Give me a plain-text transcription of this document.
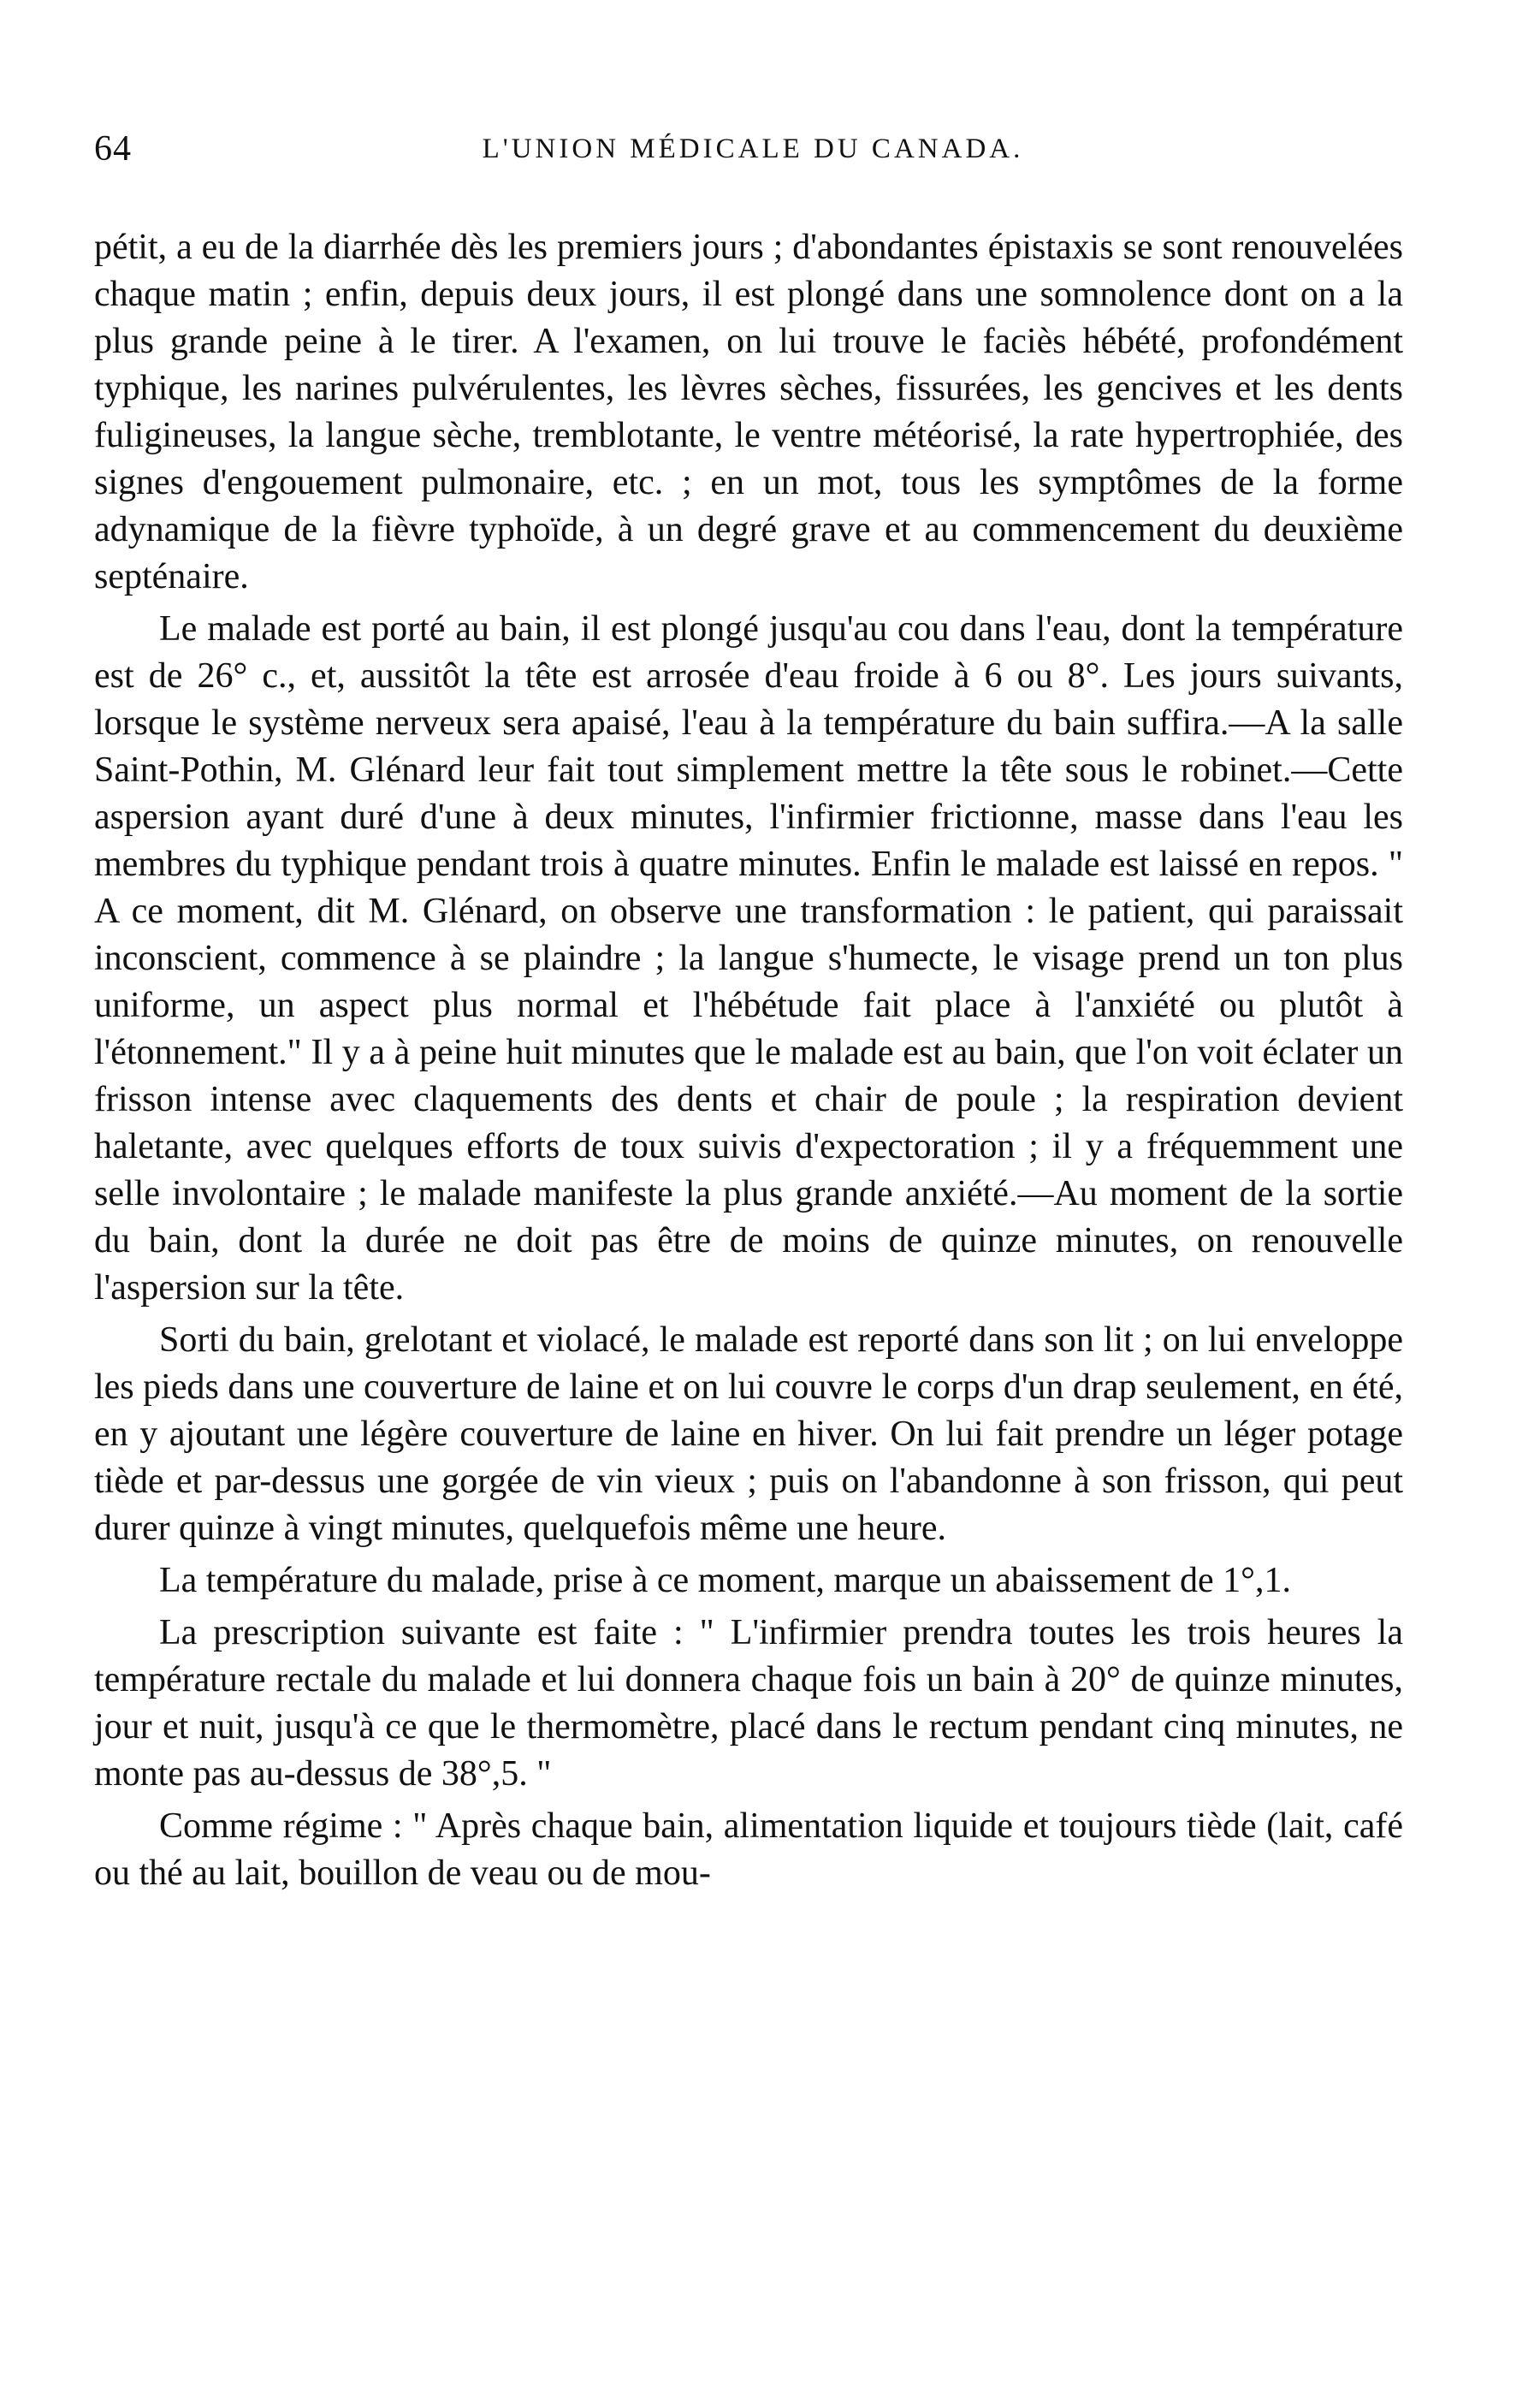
64	L'UNION MÉDICALE DU CANADA.

pétit, a eu de la diarrhée dès les premiers jours ; d'abondantes épistaxis se sont renouvelées chaque matin ; enfin, depuis deux jours, il est plongé dans une somnolence dont on a la plus grande peine à le tirer. A l'examen, on lui trouve le faciès hébété, profondément typhique, les narines pulvérulentes, les lèvres sèches, fissurées, les gencives et les dents fuligineuses, la langue sèche, tremblotante, le ventre météorisé, la rate hypertrophiée, des signes d'engouement pulmonaire, etc. ; en un mot, tous les symptômes de la forme adynamique de la fièvre typhoïde, à un degré grave et au commencement du deuxième septénaire.

Le malade est porté au bain, il est plongé jusqu'au cou dans l'eau, dont la température est de 26° c., et, aussitôt la tête est arrosée d'eau froide à 6 ou 8°. Les jours suivants, lorsque le système nerveux sera apaisé, l'eau à la température du bain suffira.—A la salle Saint-Pothin, M. Glénard leur fait tout simplement mettre la tête sous le robinet.—Cette aspersion ayant duré d'une à deux minutes, l'infirmier frictionne, masse dans l'eau les membres du typhique pendant trois à quatre minutes. Enfin le malade est laissé en repos. " A ce moment, dit M. Glénard, on observe une transformation : le patient, qui paraissait inconscient, commence à se plaindre ; la langue s'humecte, le visage prend un ton plus uniforme, un aspect plus normal et l'hébétude fait place à l'anxiété ou plutôt à l'étonnement." Il y a à peine huit minutes que le malade est au bain, que l'on voit éclater un frisson intense avec claquements des dents et chair de poule ; la respiration devient haletante, avec quelques efforts de toux suivis d'expectoration ; il y a fréquemment une selle involontaire ; le malade manifeste la plus grande anxiété.—Au moment de la sortie du bain, dont la durée ne doit pas être de moins de quinze minutes, on renouvelle l'aspersion sur la tête.

Sorti du bain, grelotant et violacé, le malade est reporté dans son lit ; on lui enveloppe les pieds dans une couverture de laine et on lui couvre le corps d'un drap seulement, en été, en y ajoutant une légère couverture de laine en hiver. On lui fait prendre un léger potage tiède et par-dessus une gorgée de vin vieux ; puis on l'abandonne à son frisson, qui peut durer quinze à vingt minutes, quelquefois même une heure.

La température du malade, prise à ce moment, marque un abaissement de 1°,1.

La prescription suivante est faite : " L'infirmier prendra toutes les trois heures la température rectale du malade et lui donnera chaque fois un bain à 20° de quinze minutes, jour et nuit, jusqu'à ce que le thermomètre, placé dans le rectum pendant cinq minutes, ne monte pas au-dessus de 38°,5. "

Comme régime : " Après chaque bain, alimentation liquide et toujours tiède (lait, café ou thé au lait, bouillon de veau ou de mou-
